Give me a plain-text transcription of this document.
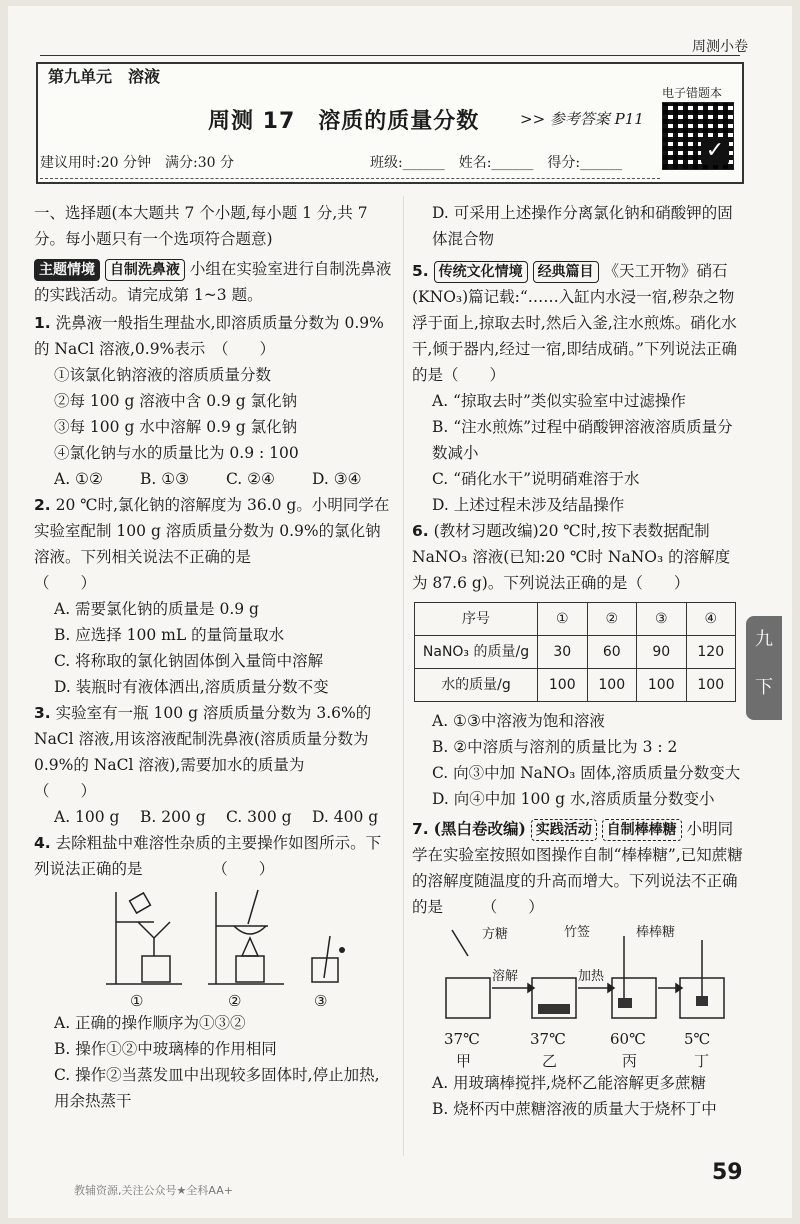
周测小卷
第九单元　溶液
周测 17　溶质的质量分数	>> 参考答案 P11
电子错题本
✓
建议用时:20 分钟　满分:30 分	班级:______　姓名:______　得分:______

一、选择题(本大题共 7 个小题,每小题 1 分,共 7 分。每小题只有一个选项符合题意)

主题情境 自制洗鼻液 小组在实验室进行自制洗鼻液的实践活动。请完成第 1~3 题。

1. 洗鼻液一般指生理盐水,即溶质质量分数为 0.9%的 NaCl 溶液,0.9%表示　（　　）

①该氯化钠溶液的溶质质量分数

②每 100 g 溶液中含 0.9 g 氯化钠

③每 100 g 水中溶解 0.9 g 氯化钠

④氯化钠与水的质量比为 0.9 : 100

A. ①②	B. ①③	C. ②④	D. ③④

2. 20 ℃时,氯化钠的溶解度为 36.0 g。小明同学在实验室配制 100 g 溶质质量分数为 0.9%的氯化钠溶液。下列相关说法不正确的是　　　　　　　　（　　）

A. 需要氯化钠的质量是 0.9 g

B. 应选择 100 mL 的量筒量取水

C. 将称取的氯化钠固体倒入量筒中溶解

D. 装瓶时有液体洒出,溶质质量分数不变

3. 实验室有一瓶 100 g 溶质质量分数为 3.6%的 NaCl 溶液,用该溶液配制洗鼻液(溶质质量分数为 0.9%的 NaCl 溶液),需要加水的质量为　　　　　　　　　　（　　）

A. 100 g	B. 200 g	C. 300 g	D. 400 g

4. 去除粗盐中难溶性杂质的主要操作如图所示。下列说法正确的是　　　　　（　　）

①	②	③

A. 正确的操作顺序为①③②

B. 操作①②中玻璃棒的作用相同

C. 操作②当蒸发皿中出现较多固体时,停止加热,用余热蒸干

D. 可采用上述操作分离氯化钠和硝酸钾的固体混合物

5. 传统文化情境 经典篇目 《天工开物》硝石(KNO₃)篇记载:“……入缸内水浸一宿,秽杂之物浮于面上,掠取去时,然后入釜,注水煎炼。硝化水干,倾于器内,经过一宿,即结成硝。”下列说法正确的是（　　）

A. “掠取去时”类似实验室中过滤操作

B. “注水煎炼”过程中硝酸钾溶液溶质质量分数减小

C. “硝化水干”说明硝难溶于水

D. 上述过程未涉及结晶操作

6. (教材习题改编)20 ℃时,按下表数据配制 NaNO₃ 溶液(已知:20 ℃时 NaNO₃ 的溶解度为 87.6 g)。下列说法正确的是（　　）

序号	①	②	③	④
NaNO₃ 的质量/g	30	60	90	120
水的质量/g	100	100	100	100

A. ①③中溶液为饱和溶液

B. ②中溶质与溶剂的质量比为 3 : 2

C. 向③中加 NaNO₃ 固体,溶质质量分数变大

D. 向④中加 100 g 水,溶质质量分数变小

7. (黑白卷改编) 实践活动 自制棒棒糖 小明同学在实验室按照如图操作自制“棒棒糖”,已知蔗糖的溶解度随温度的升高而增大。下列说法不正确的是　　　（　　）

方糖	竹签	棒棒糖
溶解	加热
37℃	37℃	60℃	5℃
甲	乙	丙	丁

A. 用玻璃棒搅拌,烧杯乙能溶解更多蔗糖

B. 烧杯丙中蔗糖溶液的质量大于烧杯丁中

九
下
教辅资源,关注公众号★全科AA+
59
